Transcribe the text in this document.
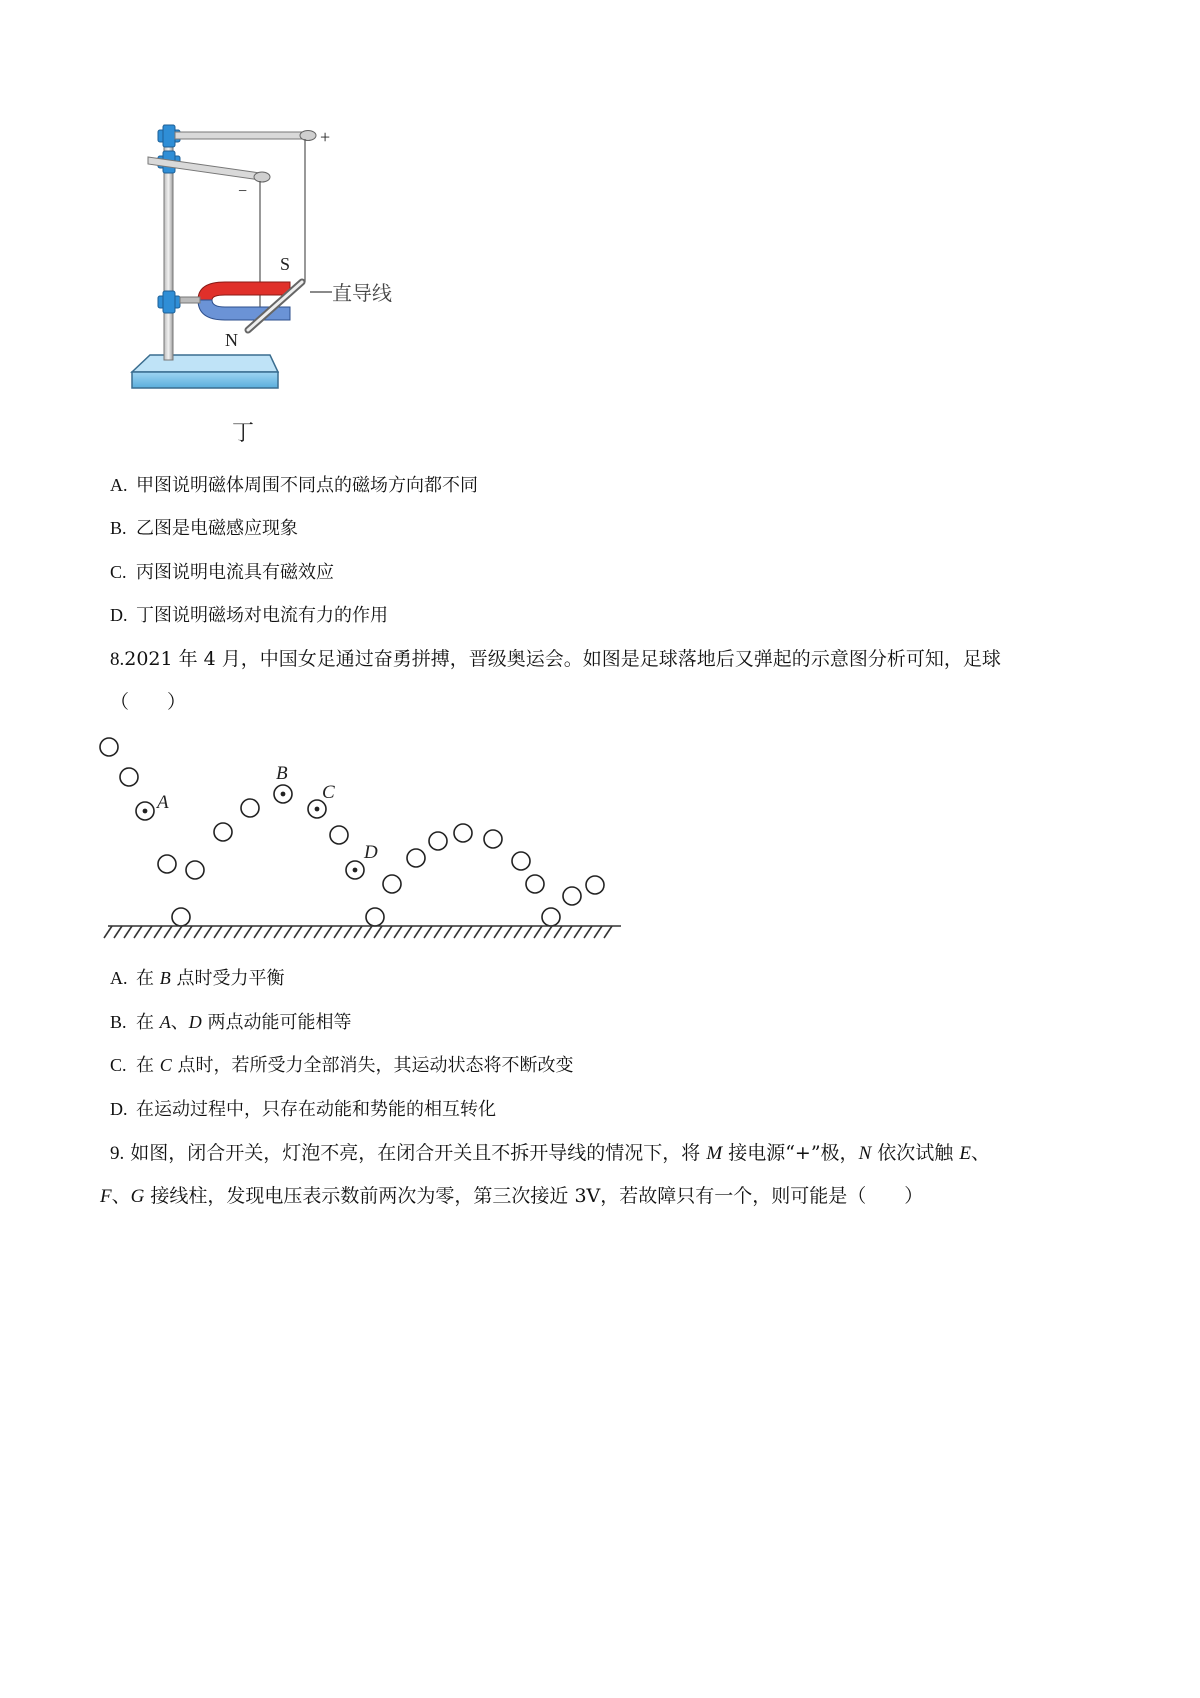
+
−
S
N
直导线
丁
A. 甲图说明磁体周围不同点的磁场方向都不同
B. 乙图是电磁感应现象
C. 丙图说明电流具有磁效应
D. 丁图说明磁场对电流有力的作用
8.2021 年 4 月，中国女足通过奋勇拼搏，晋级奥运会。如图是足球落地后又弹起的示意图分析可知，足球
（　　）
A
B
C
D
A. 在 B 点时受力平衡
B. 在 A、D 两点动能可能相等
C. 在 C 点时，若所受力全部消失，其运动状态将不断改变
D. 在运动过程中，只存在动能和势能的相互转化
9. 如图，闭合开关，灯泡不亮，在闭合开关且不拆开导线的情况下，将 M 接电源“+”极，N 依次试触 E、
F、G 接线柱，发现电压表示数前两次为零，第三次接近 3V，若故障只有一个，则可能是（　　）
